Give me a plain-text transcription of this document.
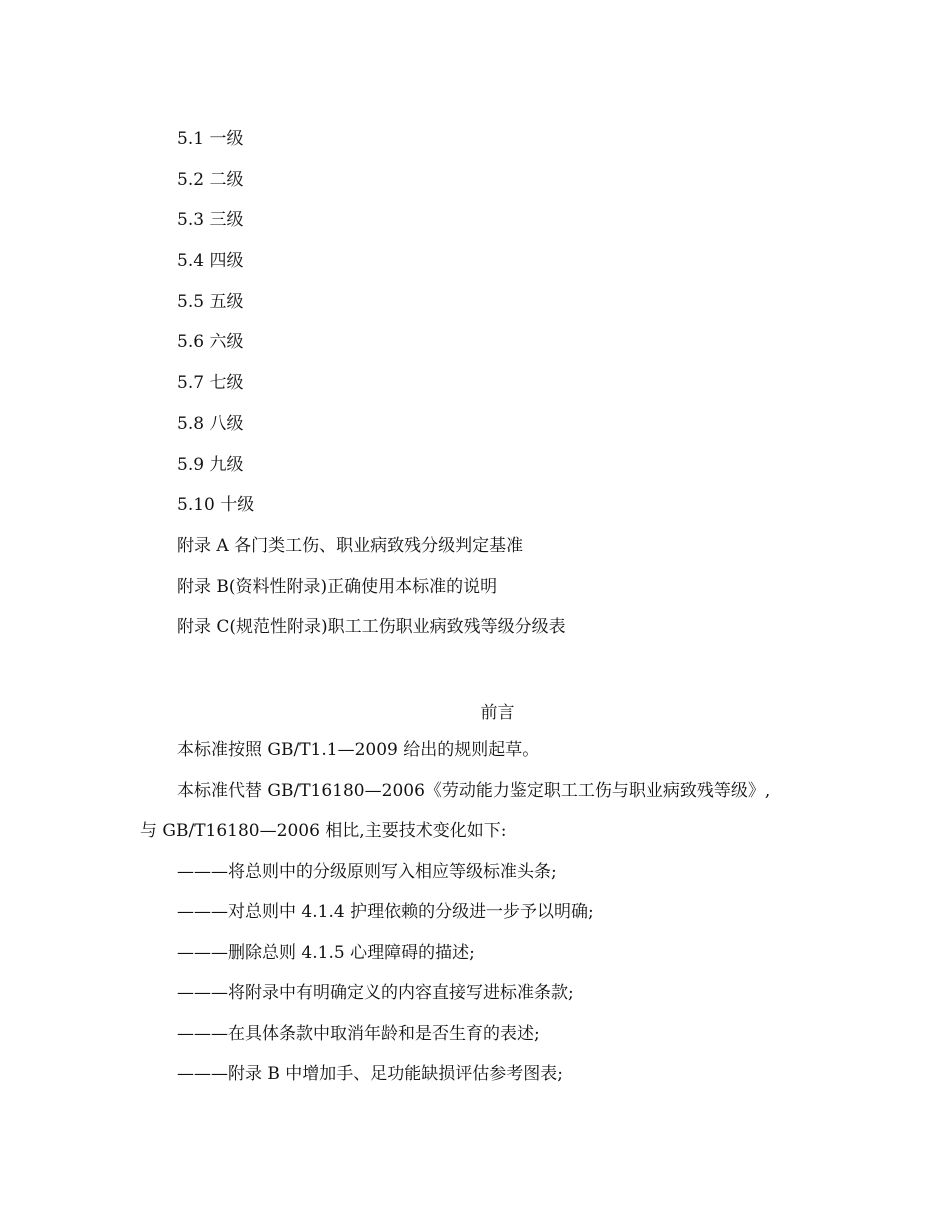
5.1 一级
5.2 二级
5.3 三级
5.4 四级
5.5 五级
5.6 六级
5.7 七级
5.8 八级
5.9 九级
5.10 十级
附录 A 各门类工伤、职业病致残分级判定基准
附录 B(资料性附录)正确使用本标准的说明
附录 C(规范性附录)职工工伤职业病致残等级分级表
前言

本标准按照 GB/T1.1—2009 给出的规则起草。

本标准代替 GB/T16180—2006《劳动能力鉴定职工工伤与职业病致残等级》,

与 GB/T16180—2006 相比,主要技术变化如下:

———将总则中的分级原则写入相应等级标准头条;

———对总则中 4.1.4 护理依赖的分级进一步予以明确;

———删除总则 4.1.5 心理障碍的描述;

———将附录中有明确定义的内容直接写进标准条款;

———在具体条款中取消年龄和是否生育的表述;

———附录 B 中增加手、足功能缺损评估参考图表;
